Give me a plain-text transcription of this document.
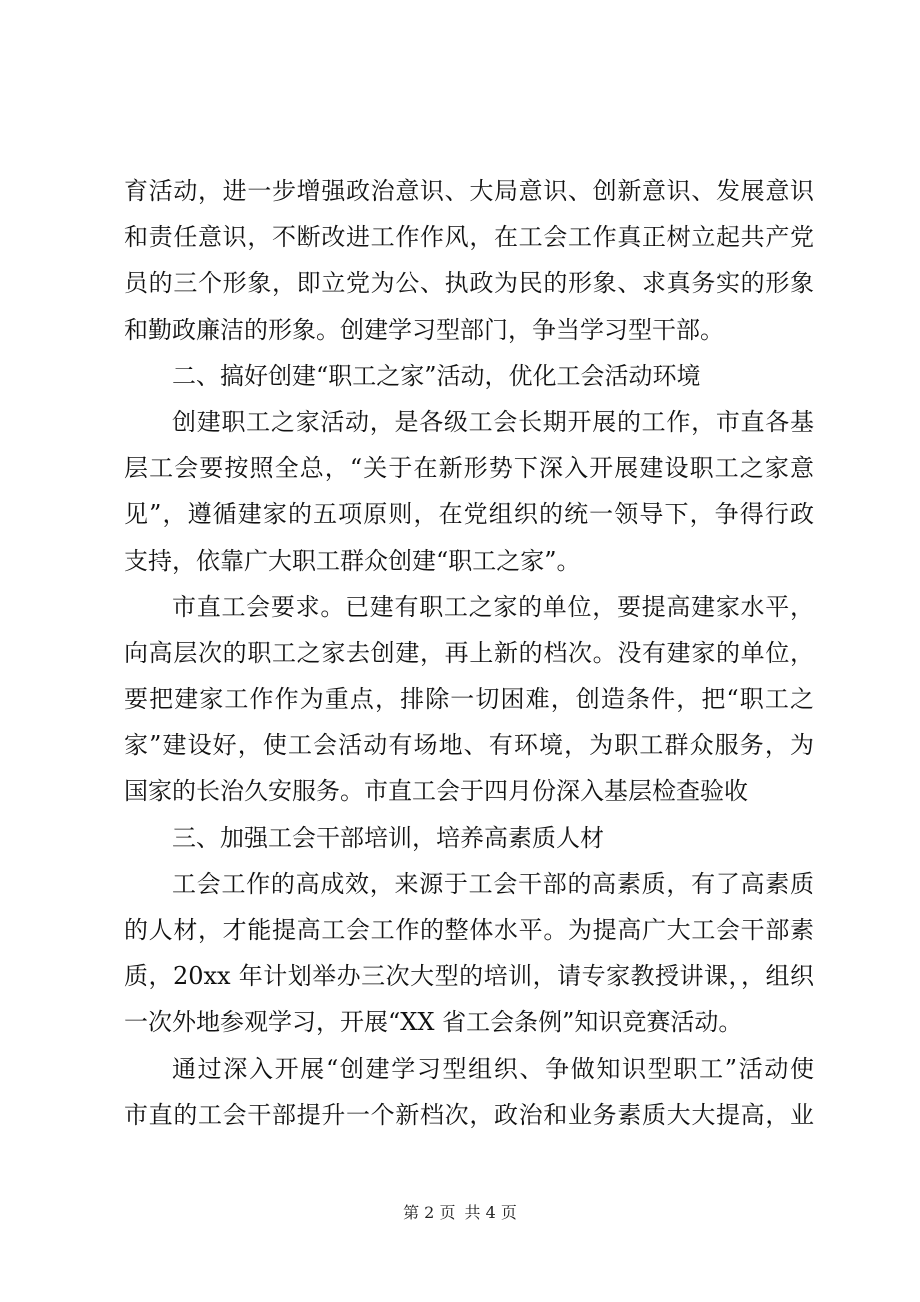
育活动，进一步增强政治意识、大局意识、创新意识、发展意识
和责任意识，不断改进工作作风，在工会工作真正树立起共产党
员的三个形象，即立党为公、执政为民的形象、求真务实的形象
和勤政廉洁的形象。创建学习型部门，争当学习型干部。
二、搞好创建“职工之家”活动，优化工会活动环境
创建职工之家活动，是各级工会长期开展的工作，市直各基
层工会要按照全总，“关于在新形势下深入开展建设职工之家意
见”，遵循建家的五项原则，在党组织的统一领导下，争得行政
支持，依靠广大职工群众创建“职工之家”。
市直工会要求。已建有职工之家的单位，要提高建家水平，
向高层次的职工之家去创建，再上新的档次。没有建家的单位，
要把建家工作作为重点，排除一切困难，创造条件，把“职工之
家”建设好，使工会活动有场地、有环境，为职工群众服务，为
国家的长治久安服务。市直工会于四月份深入基层检查验收
三、加强工会干部培训，培养高素质人材
工会工作的高成效，来源于工会干部的高素质，有了高素质
的人材，才能提高工会工作的整体水平。为提高广大工会干部素
质，20xx 年计划举办三次大型的培训，请专家教授讲课，，组织
一次外地参观学习，开展“XX 省工会条例”知识竞赛活动。
通过深入开展“创建学习型组织、争做知识型职工”活动使
市直的工会干部提升一个新档次，政治和业务素质大大提高，业
第 2 页 共 4 页
